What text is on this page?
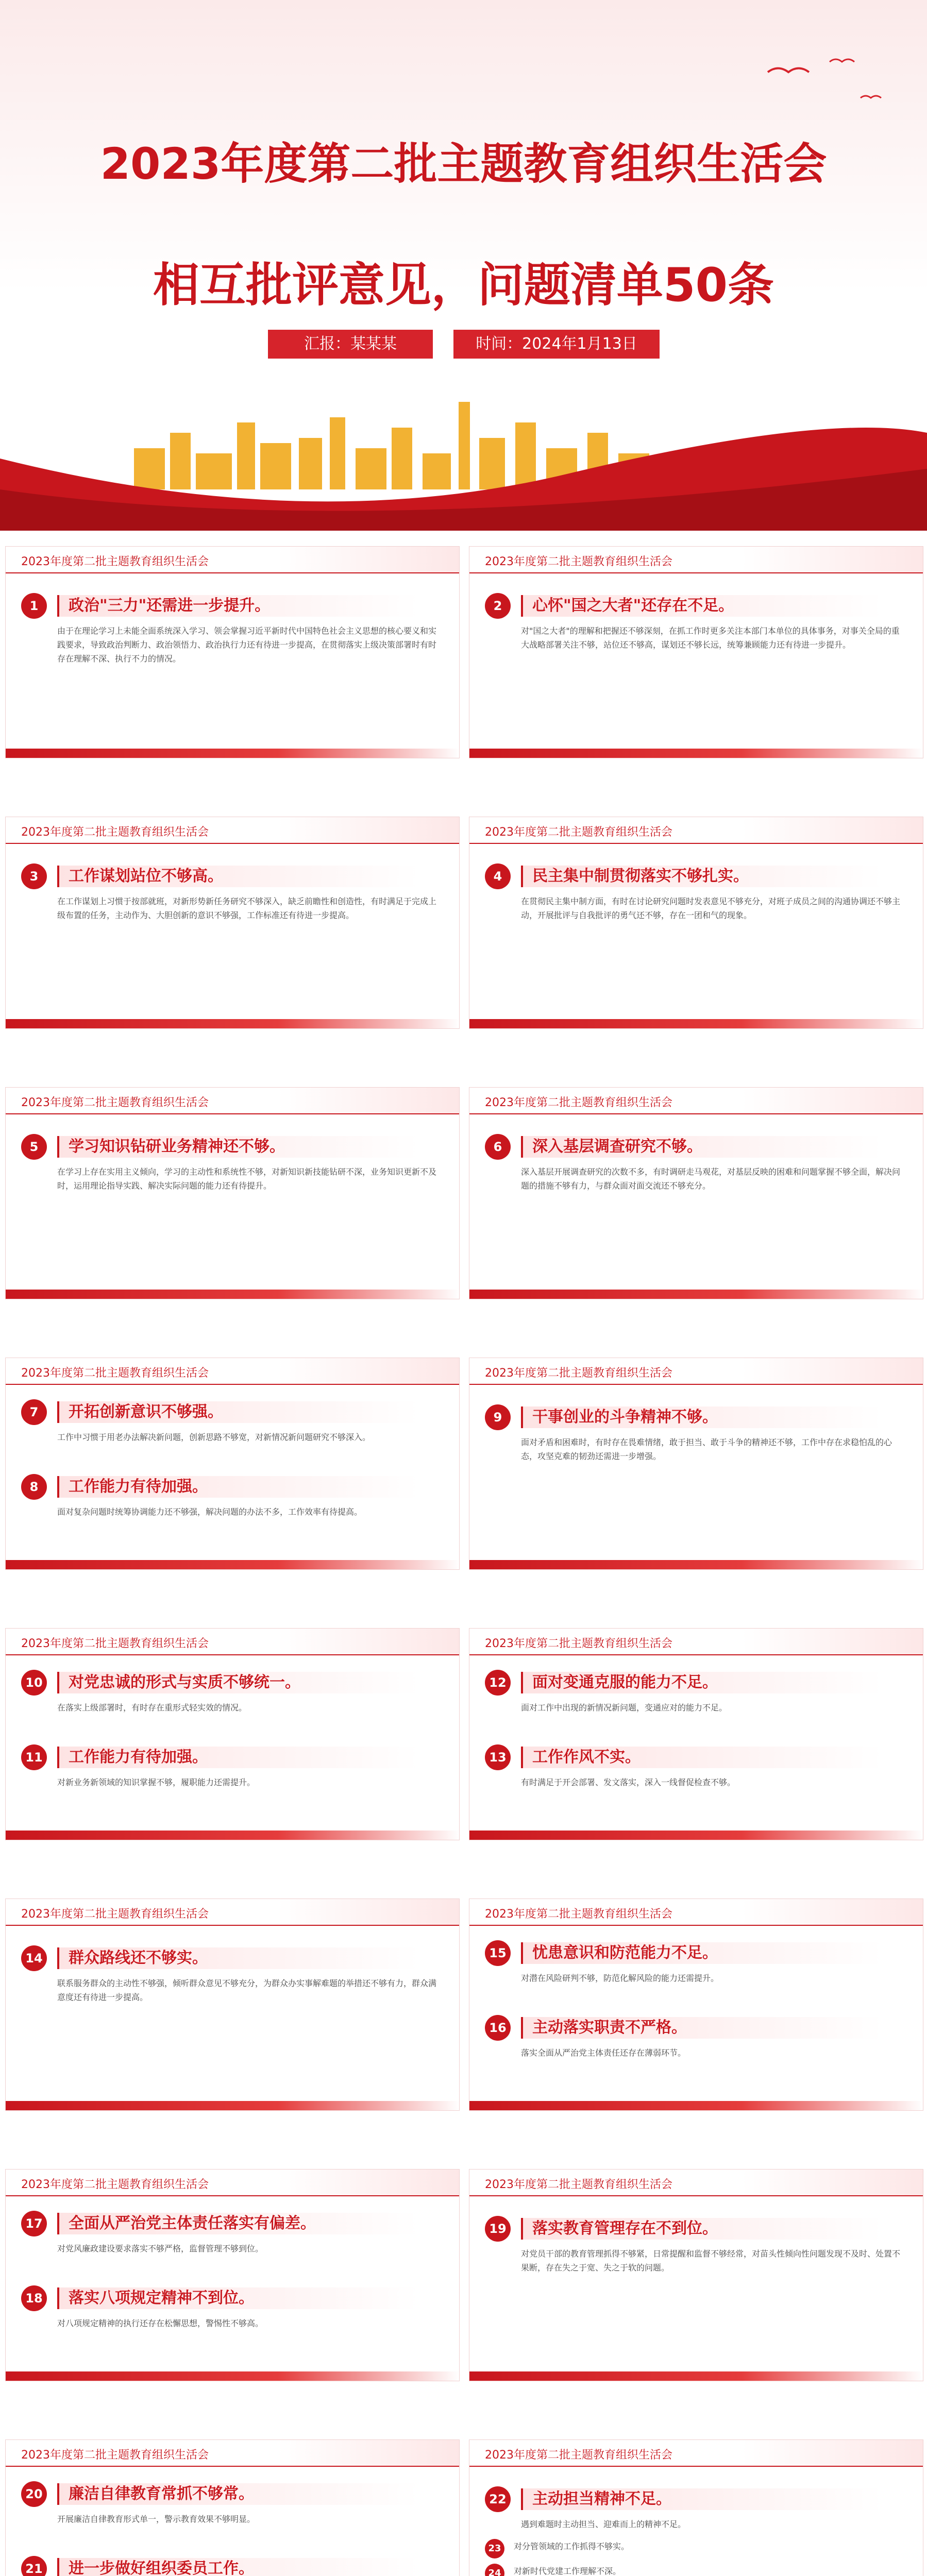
2023年度第二批主题教育组织生活会
相互批评意见，问题清单50条
汇报：某某某	时间：2024年1月13日
2023年度第二批主题教育组织生活会
1	政治"三力"还需进一步提升。
由于在理论学习上未能全面系统深入学习、领会掌握习近平新时代中国特色社会主义思想的核心要义和实践要求，导致政治判断力、政治领悟力、政治执行力还有待进一步提高，在贯彻落实上级决策部署时有时存在理解不深、执行不力的情况。
2023年度第二批主题教育组织生活会
2	心怀"国之大者"还存在不足。
对"国之大者"的理解和把握还不够深刻，在抓工作时更多关注本部门本单位的具体事务，对事关全局的重大战略部署关注不够，站位还不够高，谋划还不够长远，统筹兼顾能力还有待进一步提升。
2023年度第二批主题教育组织生活会
3	工作谋划站位不够高。
在工作谋划上习惯于按部就班，对新形势新任务研究不够深入，缺乏前瞻性和创造性，有时满足于完成上级布置的任务，主动作为、大胆创新的意识不够强，工作标准还有待进一步提高。
2023年度第二批主题教育组织生活会
4	民主集中制贯彻落实不够扎实。
在贯彻民主集中制方面，有时在讨论研究问题时发表意见不够充分，对班子成员之间的沟通协调还不够主动，开展批评与自我批评的勇气还不够，存在一团和气的现象。
2023年度第二批主题教育组织生活会
5	学习知识钻研业务精神还不够。
在学习上存在实用主义倾向，学习的主动性和系统性不够，对新知识新技能钻研不深，业务知识更新不及时，运用理论指导实践、解决实际问题的能力还有待提升。
2023年度第二批主题教育组织生活会
6	深入基层调查研究不够。
深入基层开展调查研究的次数不多，有时调研走马观花，对基层反映的困难和问题掌握不够全面，解决问题的措施不够有力，与群众面对面交流还不够充分。
2023年度第二批主题教育组织生活会
7	开拓创新意识不够强。
工作中习惯于用老办法解决新问题，创新思路不够宽，对新情况新问题研究不够深入。
8	工作能力有待加强。
面对复杂问题时统筹协调能力还不够强，解决问题的办法不多，工作效率有待提高。
2023年度第二批主题教育组织生活会
9	干事创业的斗争精神不够。
面对矛盾和困难时，有时存在畏难情绪，敢于担当、敢于斗争的精神还不够，工作中存在求稳怕乱的心态，攻坚克难的韧劲还需进一步增强。
2023年度第二批主题教育组织生活会
10	对党忠诚的形式与实质不够统一。
在落实上级部署时，有时存在重形式轻实效的情况。
11	工作能力有待加强。
对新业务新领域的知识掌握不够，履职能力还需提升。
2023年度第二批主题教育组织生活会
12	面对变通克服的能力不足。
面对工作中出现的新情况新问题，变通应对的能力不足。
13	工作作风不实。
有时满足于开会部署、发文落实，深入一线督促检查不够。
2023年度第二批主题教育组织生活会
14	群众路线还不够实。
联系服务群众的主动性不够强，倾听群众意见不够充分，为群众办实事解难题的举措还不够有力，群众满意度还有待进一步提高。
2023年度第二批主题教育组织生活会
15	忧患意识和防范能力不足。
对潜在风险研判不够，防范化解风险的能力还需提升。
16	主动落实职责不严格。
落实全面从严治党主体责任还存在薄弱环节。
2023年度第二批主题教育组织生活会
17	全面从严治党主体责任落实有偏差。
对党风廉政建设要求落实不够严格，监督管理不够到位。
18	落实八项规定精神不到位。
对八项规定精神的执行还存在松懈思想，警惕性不够高。
2023年度第二批主题教育组织生活会
19	落实教育管理存在不到位。
对党员干部的教育管理抓得不够紧，日常提醒和监督不够经常，对苗头性倾向性问题发现不及时、处置不果断，存在失之于宽、失之于软的问题。
2023年度第二批主题教育组织生活会
20	廉洁自律教育常抓不够常。
开展廉洁自律教育形式单一，警示教育效果不够明显。
21	进一步做好组织委员工作。
2023年度第二批主题教育组织生活会
22	主动担当精神不足。
遇到难题时主动担当、迎难而上的精神不足。
23	对分管领域的工作抓得不够实。
24	对新时代党建工作理解不深。
